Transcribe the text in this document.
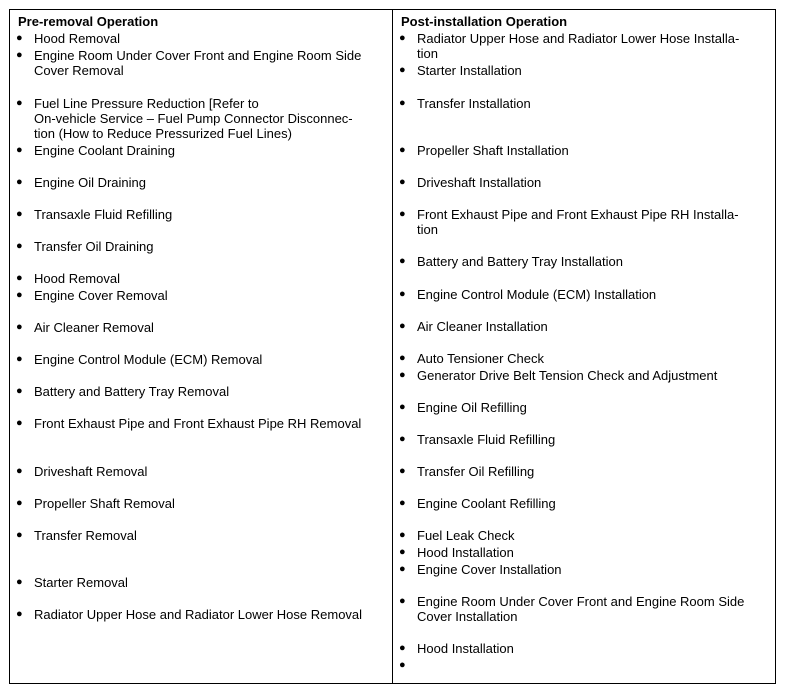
Pre-removal Operation
● Hood Removal
● Engine Room Under Cover Front and Engine Room Side
Cover Removal
● Fuel Line Pressure Reduction [Refer to
On-vehicle Service – Fuel Pump Connector Disconnec-
tion (How to Reduce Pressurized Fuel Lines)
● Engine Coolant Draining
● Engine Oil Draining
● Transaxle Fluid Refilling
● Transfer Oil Draining
● Hood Removal
● Engine Cover Removal
● Air Cleaner Removal
● Engine Control Module (ECM) Removal
● Battery and Battery Tray Removal
● Front Exhaust Pipe and Front Exhaust Pipe RH Removal
● Driveshaft Removal
● Propeller Shaft Removal
● Transfer Removal
● Starter Removal
● Radiator Upper Hose and Radiator Lower Hose Removal
Post-installation Operation
● Radiator Upper Hose and Radiator Lower Hose Installa-
tion
● Starter Installation
● Transfer Installation
● Propeller Shaft Installation
● Driveshaft Installation
● Front Exhaust Pipe and Front Exhaust Pipe RH Installa-
tion
● Battery and Battery Tray Installation
● Engine Control Module (ECM) Installation
● Air Cleaner Installation
● Auto Tensioner Check
● Generator Drive Belt Tension Check and Adjustment
● Engine Oil Refilling
● Transaxle Fluid Refilling
● Transfer Oil Refilling
● Engine Coolant Refilling
● Fuel Leak Check
● Hood Installation
● Engine Cover Installation
● Engine Room Under Cover Front and Engine Room Side
Cover Installation
● Hood Installation
●
